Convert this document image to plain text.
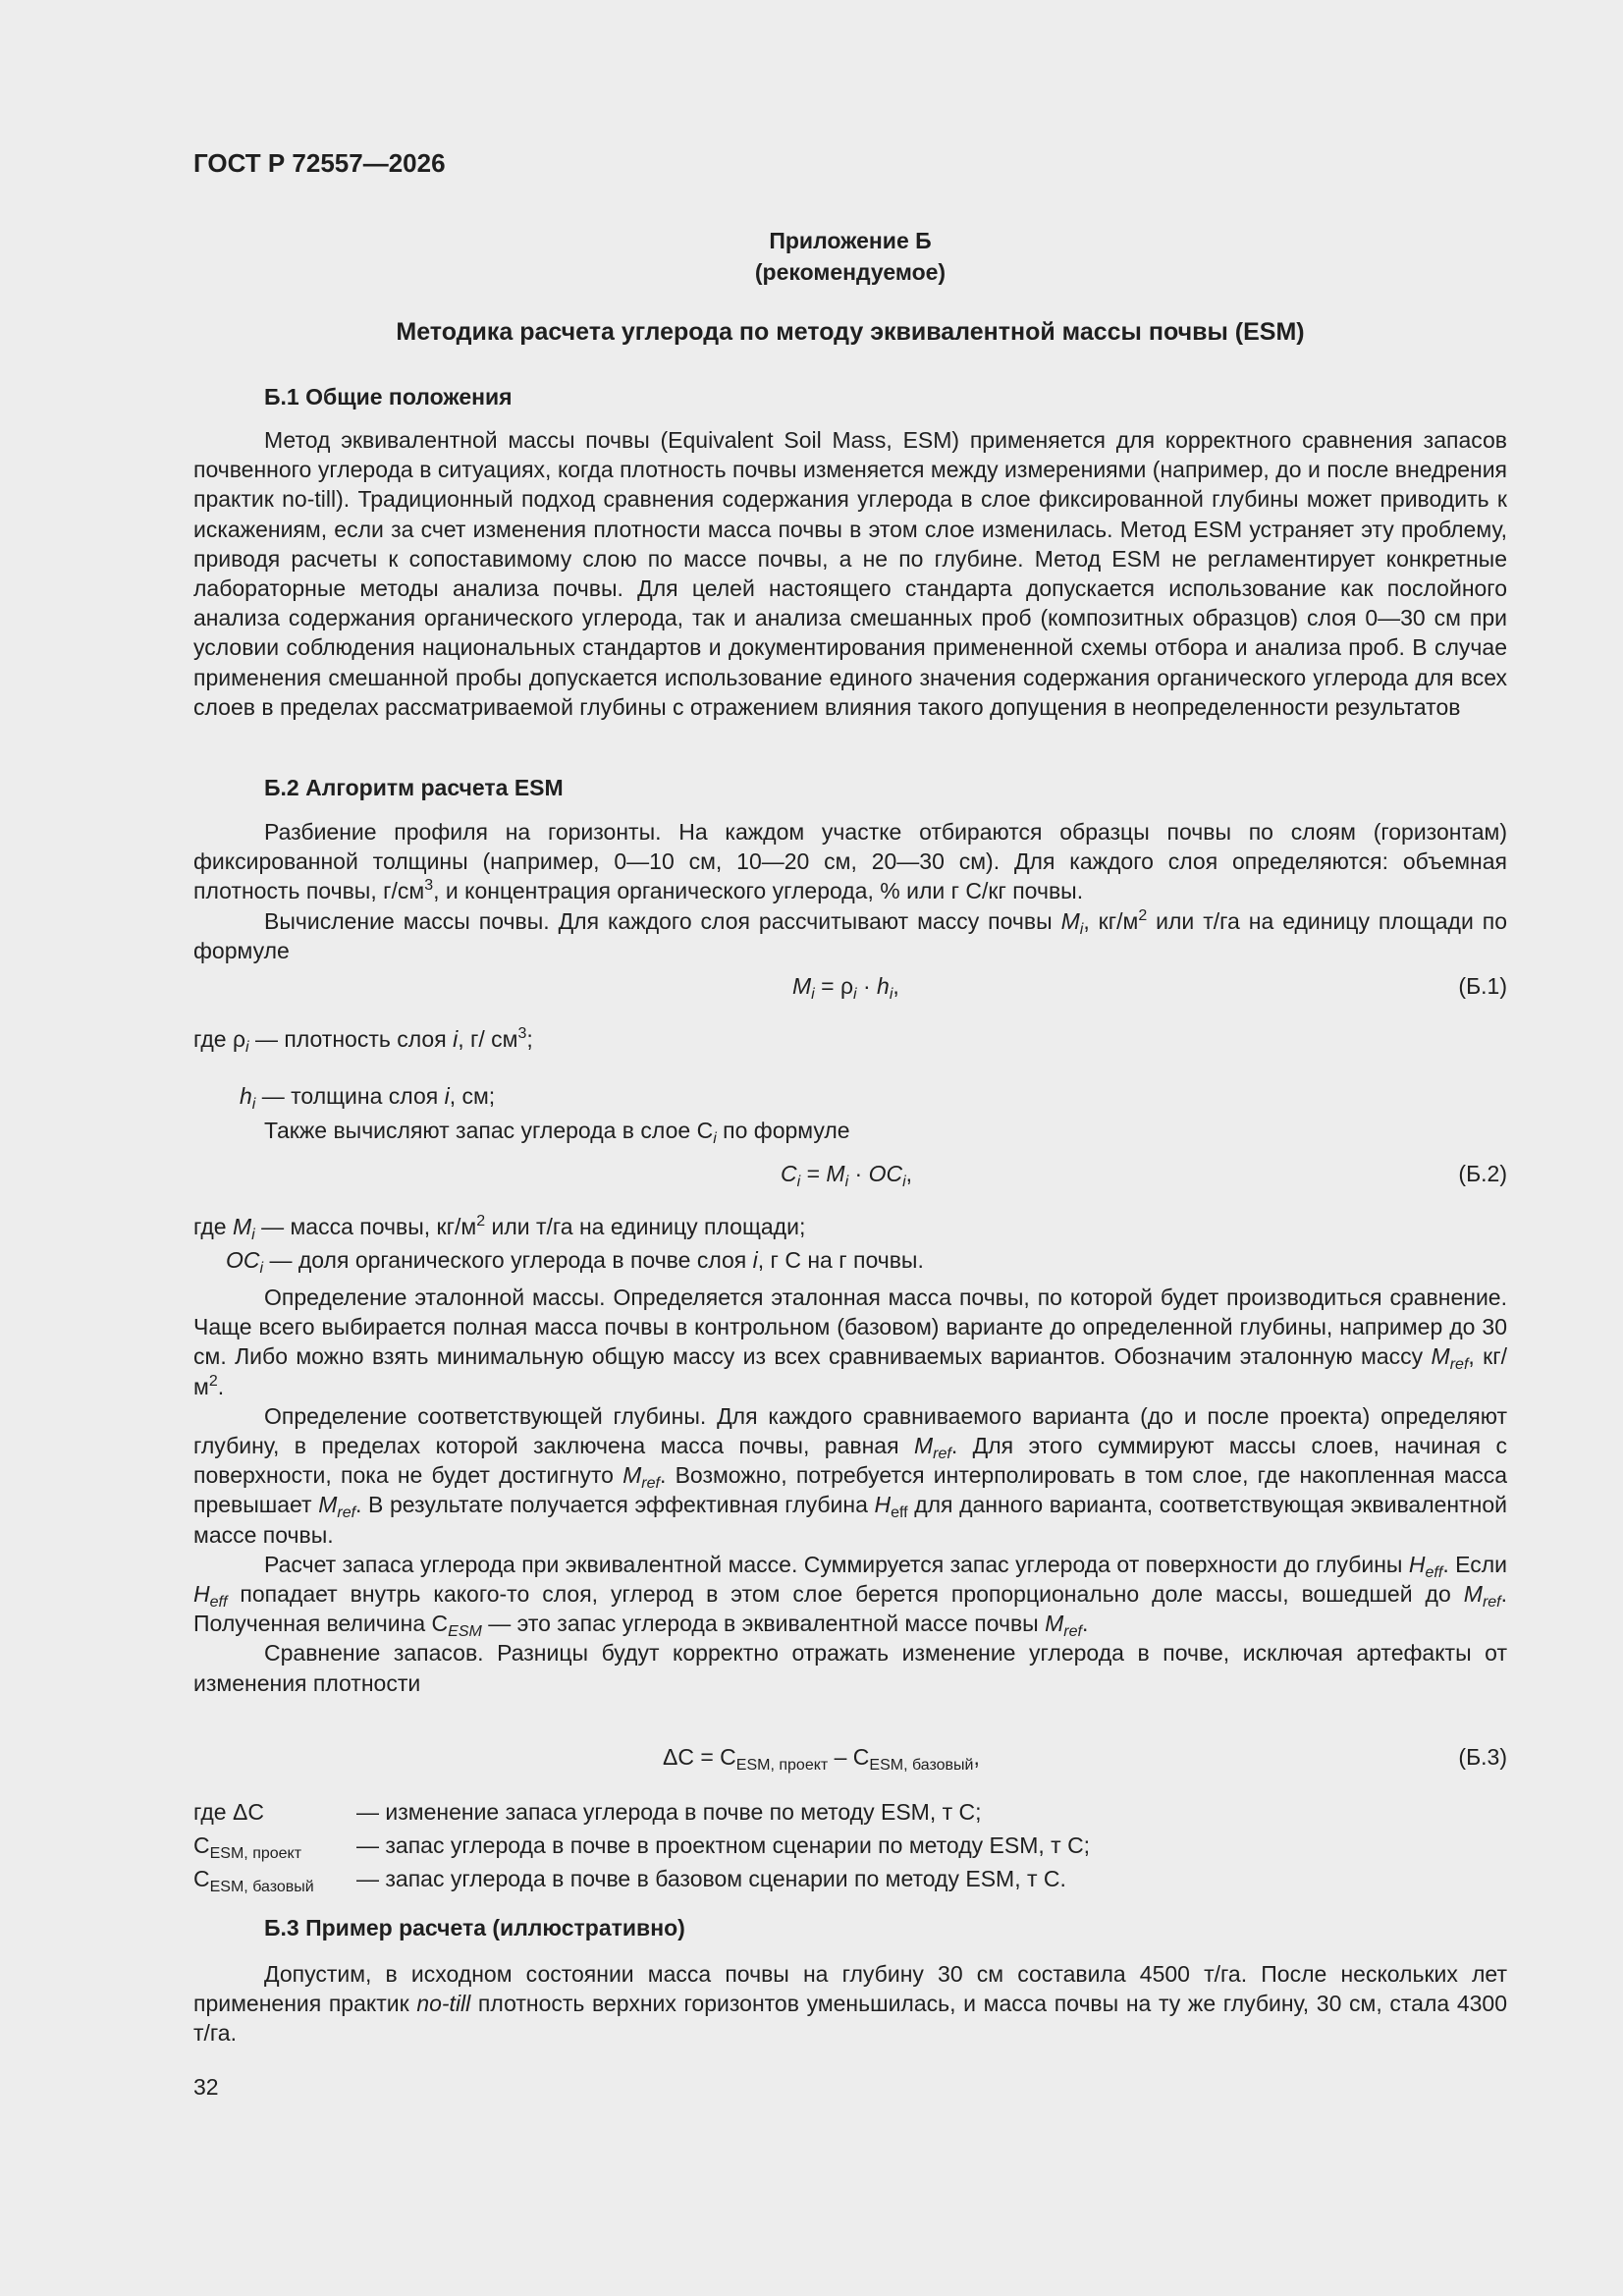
ГОСТ Р 72557—2026
Приложение Б
(рекомендуемое)
Методика расчета углерода по методу эквивалентной массы почвы (ESM)
Б.1 Общие положения

Метод эквивалентной массы почвы (Equivalent Soil Mass, ESM) применяется для корректного сравнения запасов почвенного углерода в ситуациях, когда плотность почвы изменяется между измерениями (например, до и после внедрения практик no-till). Традиционный подход сравнения содержания углерода в слое фиксированной глубины может приводить к искажениям, если за счет изменения плотности масса почвы в этом слое изменилась. Метод ESM устраняет эту проблему, приводя расчеты к сопоставимому слою по массе почвы, а не по глубине. Метод ESM не регламентирует конкретные лабораторные методы анализа почвы. Для целей настоящего стандарта допускается использование как послойного анализа содержания органического углерода, так и анализа смешанных проб (композитных образцов) слоя 0—30 см при условии соблюдения национальных стандартов и документирования примененной схемы отбора и анализа проб. В случае применения смешанной пробы допускается использование единого значения содержания органического углерода для всех слоев в пределах рассматриваемой глубины с отражением влияния такого допущения в неопределенности результатов

Б.2 Алгоритм расчета ESM

Разбиение профиля на горизонты. На каждом участке отбираются образцы почвы по слоям (горизонтам) фиксированной толщины (например, 0—10 см, 10—20 см, 20—30 см). Для каждого слоя определяются: объемная плотность почвы, $г/см^3$, и концентрация органического углерода, % или г С/кг почвы.

Вычисление массы почвы. Для каждого слоя рассчитывают массу почвы $M_i$, $кг/м^2$ или т/га на единицу площади по формуле

$M_i = \rho_i \cdot h_i$,	(Б.1)
где $\rho_i$ — плотность слоя i, г/ $см^3$;
$h_i$ — толщина слоя i, см;
Также вычисляют запас углерода в слое $С_i$ по формуле
$C_i = M_i \cdot OC_i$,	(Б.2)
где $M_i$ — масса почвы, $кг/м^2$ или т/га на единицу площади;
$ОС_i$ — доля органического углерода в почве слоя i, г С на г почвы.

Определение эталонной массы. Определяется эталонная масса почвы, по которой будет производиться сравнение. Чаще всего выбирается полная масса почвы в контрольном (базовом) варианте до определенной глубины, например до 30 см. Либо можно взять минимальную общую массу из всех сравниваемых вариантов. Обозначим эталонную массу $M_{ref}$, $кг/м^2$.

Определение соответствующей глубины. Для каждого сравниваемого варианта (до и после проекта) определяют глубину, в пределах которой заключена масса почвы, равная $M_{ref}$. Для этого суммируют массы слоев, начиная с поверхности, пока не будет достигнуто $M_{ref}$. Возможно, потребуется интерполировать в том слое, где накопленная масса превышает $M_{ref}$. В результате получается эффективная глубина $H_{eff}$ для данного варианта, соответствующая эквивалентной массе почвы.

Расчет запаса углерода при эквивалентной массе. Суммируется запас углерода от поверхности до глубины $H_{eff}$. Если $H_{eff}$ попадает внутрь какого-то слоя, углерод в этом слое берется пропорционально доле массы, вошедшей до $M_{ref}$. Полученная величина $С_{ESM}$ — это запас углерода в эквивалентной массе почвы $M_{ref}$.

Сравнение запасов. Разницы будут корректно отражать изменение углерода в почве, исключая артефакты от изменения плотности

$\Delta C = C_{ESM, проект} - C_{ESM, базовый}$,	(Б.3)
где ΔC	— изменение запаса углерода в почве по методу ESM, т С;
$C_{ESM, проект}$ — запас углерода в почве в проектном сценарии по методу ESM, т С;
$C_{ESM, базовый}$ — запас углерода в почве в базовом сценарии по методу ESM, т С.
Б.3 Пример расчета (иллюстративно)

Допустим, в исходном состоянии масса почвы на глубину 30 см составила 4500 т/га. После нескольких лет применения практик no-till плотность верхних горизонтов уменьшилась, и масса почвы на ту же глубину, 30 см, стала 4300 т/га.

32
